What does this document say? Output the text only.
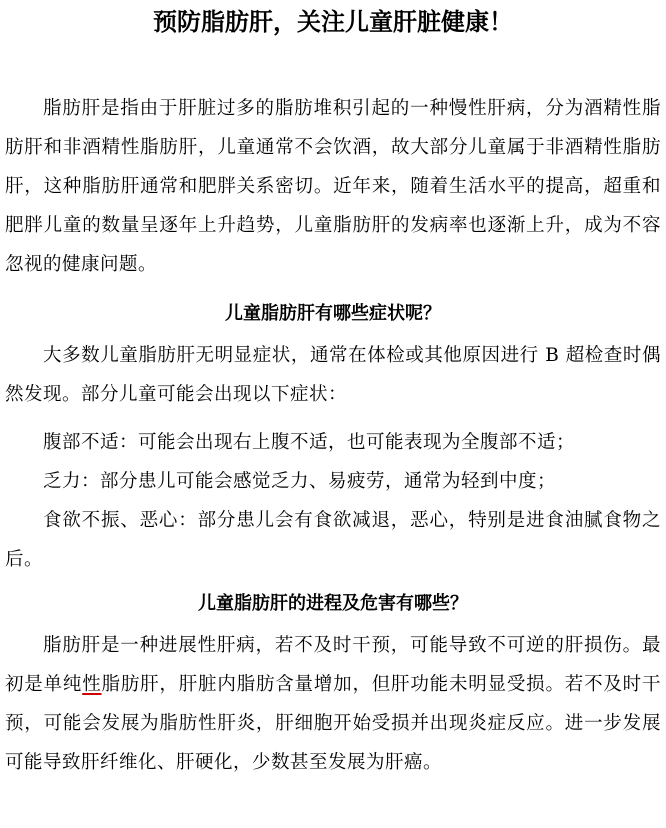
预防脂肪肝，关注儿童肝脏健康！

脂肪肝是指由于肝脏过多的脂肪堆积引起的一种慢性肝病，分为酒精性脂肪肝和非酒精性脂肪肝，儿童通常不会饮酒，故大部分儿童属于非酒精性脂肪肝，这种脂肪肝通常和肥胖关系密切。近年来，随着生活水平的提高，超重和肥胖儿童的数量呈逐年上升趋势，儿童脂肪肝的发病率也逐渐上升，成为不容忽视的健康问题。

儿童脂肪肝有哪些症状呢？

大多数儿童脂肪肝无明显症状，通常在体检或其他原因进行 B 超检查时偶然发现。部分儿童可能会出现以下症状：

腹部不适：可能会出现右上腹不适，也可能表现为全腹部不适；

乏力：部分患儿可能会感觉乏力、易疲劳，通常为轻到中度；

食欲不振、恶心：部分患儿会有食欲减退，恶心，特别是进食油腻食物之后。

儿童脂肪肝的进程及危害有哪些？

脂肪肝是一种进展性肝病，若不及时干预，可能导致不可逆的肝损伤。最初是单纯性脂肪肝，肝脏内脂肪含量增加，但肝功能未明显受损。若不及时干预，可能会发展为脂肪性肝炎，肝细胞开始受损并出现炎症反应。进一步发展可能导致肝纤维化、肝硬化，少数甚至发展为肝癌。
